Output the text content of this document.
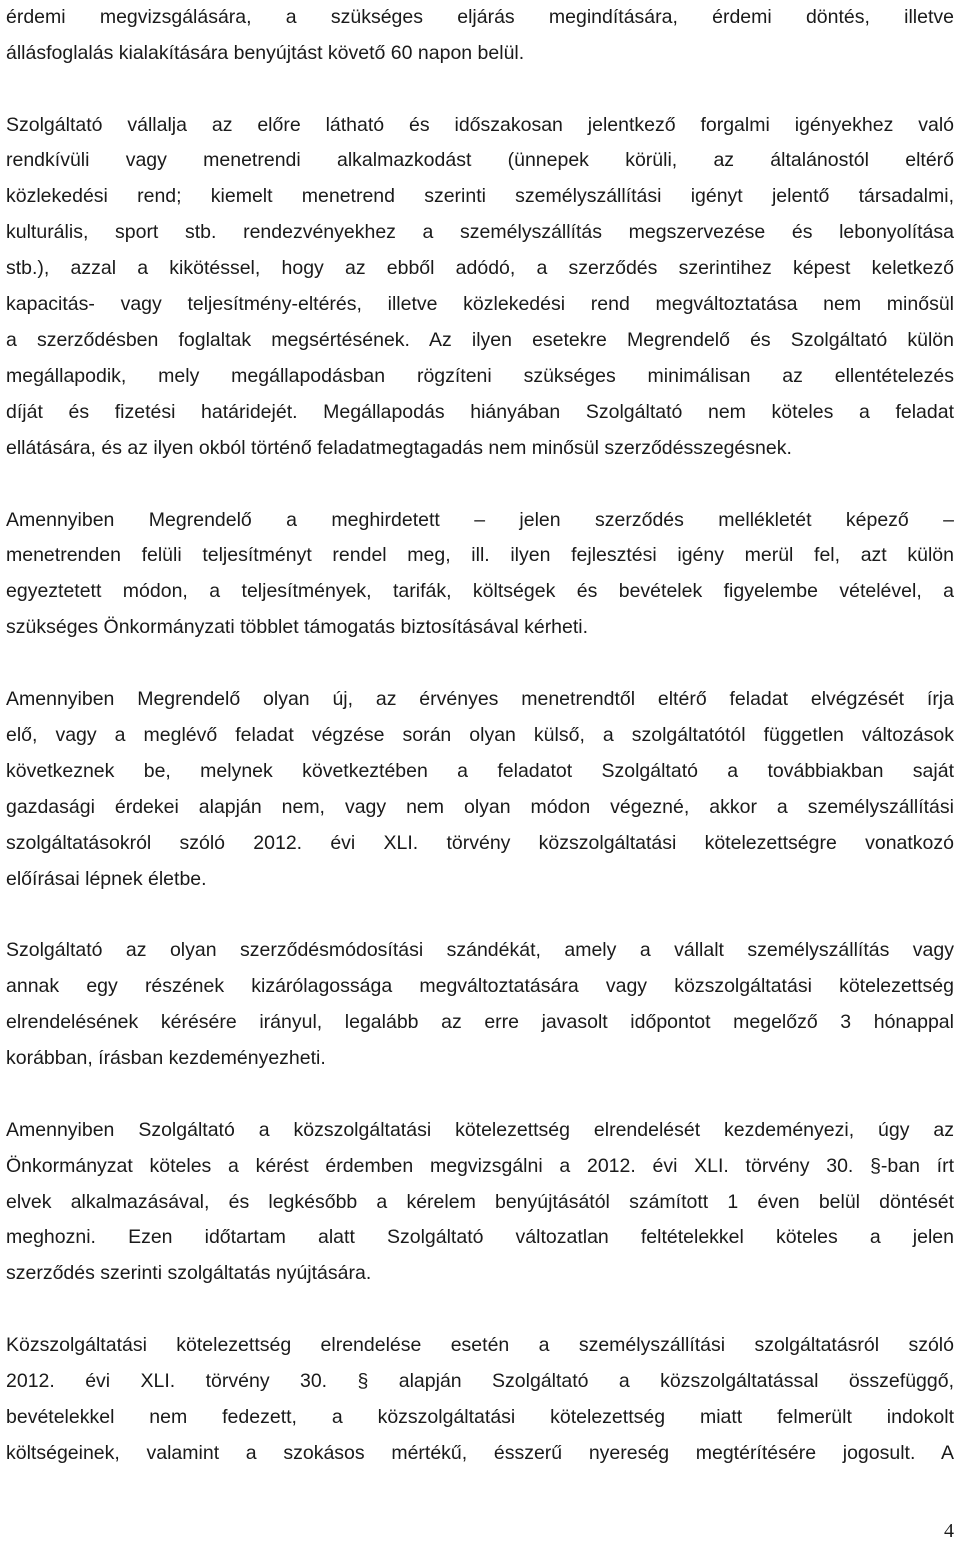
érdemi megvizsgálására, a szükséges eljárás megindítására, érdemi döntés, illetve
állásfoglalás kialakítására benyújtást követő 60 napon belül.
Szolgáltató vállalja az előre látható és időszakosan jelentkező forgalmi igényekhez való
rendkívüli vagy menetrendi alkalmazkodást (ünnepek körüli, az általánostól eltérő
közlekedési rend; kiemelt menetrend szerinti személyszállítási igényt jelentő társadalmi,
kulturális, sport stb. rendezvényekhez a személyszállítás megszervezése és lebonyolítása
stb.), azzal a kikötéssel, hogy az ebből adódó, a szerződés szerintihez képest keletkező
kapacitás- vagy teljesítmény-eltérés, illetve közlekedési rend megváltoztatása nem minősül
a szerződésben foglaltak megsértésének. Az ilyen esetekre Megrendelő és Szolgáltató külön
megállapodik, mely megállapodásban rögzíteni szükséges minimálisan az ellentételezés
díját és fizetési határidejét. Megállapodás hiányában Szolgáltató nem köteles a feladat
ellátására, és az ilyen okból történő feladatmegtagadás nem minősül szerződésszegésnek.
Amennyiben Megrendelő a meghirdetett – jelen szerződés mellékletét képező –
menetrenden felüli teljesítményt rendel meg, ill. ilyen fejlesztési igény merül fel, azt külön
egyeztetett módon, a teljesítmények, tarifák, költségek és bevételek figyelembe vételével, a
szükséges Önkormányzati többlet támogatás biztosításával kérheti.
Amennyiben Megrendelő olyan új, az érvényes menetrendtől eltérő feladat elvégzését írja
elő, vagy a meglévő feladat végzése során olyan külső, a szolgáltatótól független változások
következnek be, melynek következtében a feladatot Szolgáltató a továbbiakban saját
gazdasági érdekei alapján nem, vagy nem olyan módon végezné, akkor a személyszállítási
szolgáltatásokról szóló 2012. évi XLI. törvény közszolgáltatási kötelezettségre vonatkozó
előírásai lépnek életbe.
Szolgáltató az olyan szerződésmódosítási szándékát, amely a vállalt személyszállítás vagy
annak egy részének kizárólagossága megváltoztatására vagy közszolgáltatási kötelezettség
elrendelésének kérésére irányul, legalább az erre javasolt időpontot megelőző 3 hónappal
korábban, írásban kezdeményezheti.
Amennyiben Szolgáltató a közszolgáltatási kötelezettség elrendelését kezdeményezi, úgy az
Önkormányzat köteles a kérést érdemben megvizsgálni a 2012. évi XLI. törvény 30. §-ban írt
elvek alkalmazásával, és legkésőbb a kérelem benyújtásától számított 1 éven belül döntését
meghozni. Ezen időtartam alatt Szolgáltató változatlan feltételekkel köteles a jelen
szerződés szerinti szolgáltatás nyújtására.
Közszolgáltatási kötelezettség elrendelése esetén a személyszállítási szolgáltatásról szóló
2012. évi XLI. törvény 30. § alapján Szolgáltató a közszolgáltatással összefüggő,
bevételekkel nem fedezett, a közszolgáltatási kötelezettség miatt felmerült indokolt
költségeinek, valamint a szokásos mértékű, ésszerű nyereség megtérítésére jogosult. A
4
